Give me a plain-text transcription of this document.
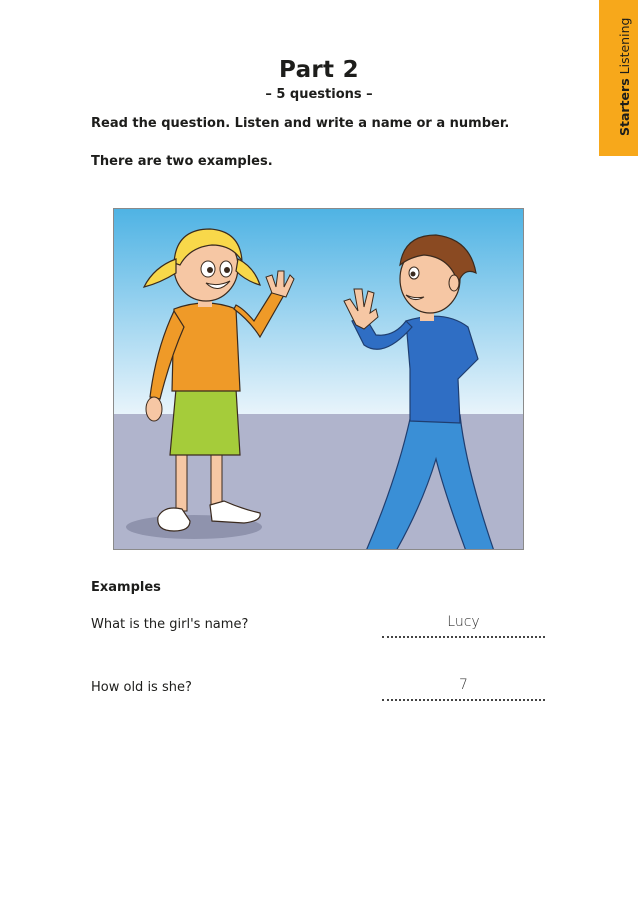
StartersListening
Part 2
– 5 questions –
Read the question. Listen and write a name or a number.
There are two examples.
Examples
What is the girl's name?	Lucy
How old is she?	7
